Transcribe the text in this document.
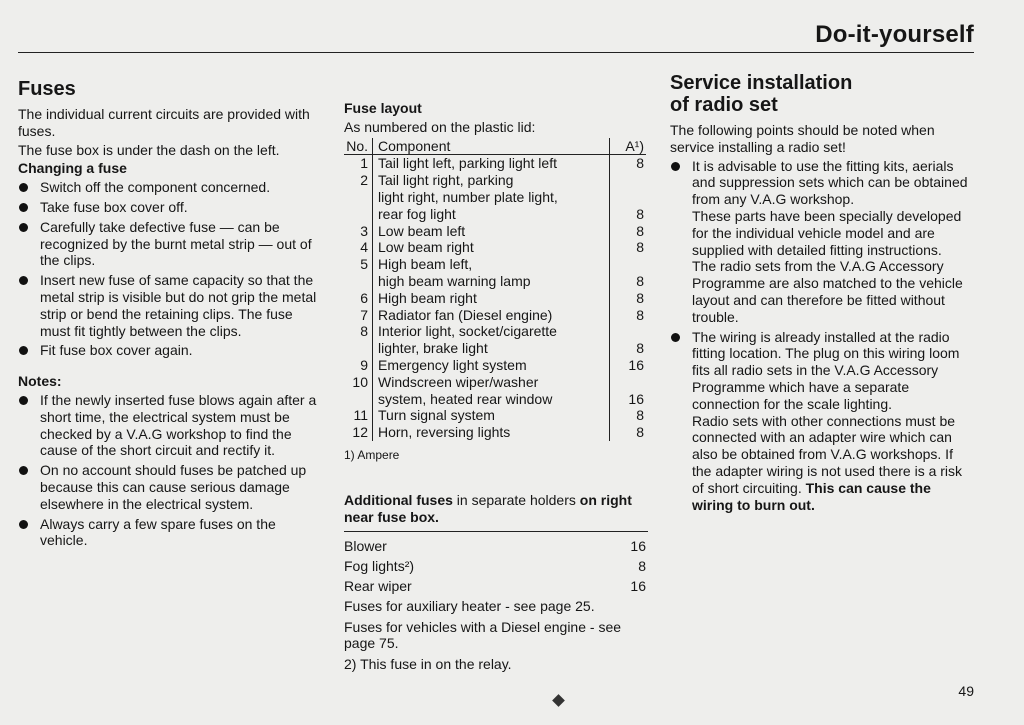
Do-it-yourself
Fuses

The individual current circuits are provided with fuses.

The fuse box is under the dash on the left.

Changing a fuse

Switch off the component concerned.
Take fuse box cover off.
Carefully take defective fuse — can be recognized by the burnt metal strip — out of the clips.
Insert new fuse of same capacity so that the metal strip is visible but do not grip the metal strip or bend the retaining clips. The fuse must fit tightly between the clips.
Fit fuse box cover again.

Notes:

If the newly inserted fuse blows again after a short time, the electrical system must be checked by a V.A.G workshop to find the cause of the short circuit and rectify it.
On no account should fuses be patched up because this can cause serious damage elsewhere in the electrical system.
Always carry a few spare fuses on the vehicle.

Fuse layout

As numbered on the plastic lid:

No.	Component	A¹)
1	Tail light left, parking light left	8
2	Tail light right, parking	
	light right, number plate light,	
	rear fog light	8
3	Low beam left	8
4	Low beam right	8
5	High beam left,	
	high beam warning lamp	8
6	High beam right	8
7	Radiator fan (Diesel engine)	8
8	Interior light, socket/cigarette	
	lighter, brake light	8
9	Emergency light system	16
10	Windscreen wiper/washer	
	system, heated rear window	16
11	Turn signal system	8
12	Horn, reversing lights	8
1) Ampere
Additional fuses in separate holders on right near fuse box.
Blower	16
Fog lights²)	8
Rear wiper	16

Fuses for auxiliary heater - see page 25.

Fuses for vehicles with a Diesel engine - see page 75.

2) This fuse in on the relay.

Service installation
of radio set

The following points should be noted when service installing a radio set!

It is advisable to use the fitting kits, aerials and suppression sets which can be obtained from any V.A.G workshop.

These parts have been specially developed for the individual vehicle model and are supplied with detailed fitting instructions.

The radio sets from the V.A.G Accessory Programme are also matched to the vehicle layout and can therefore be fitted without trouble.

The wiring is already installed at the radio fitting location. The plug on this wiring loom fits all radio sets in the V.A.G Accessory Programme which have a separate connection for the scale lighting.

Radio sets with other connections must be connected with an adapter wire which can also be obtained from V.A.G workshops. If the adapter wiring is not used there is a risk of short circuiting. This can cause the wiring to burn out.

49
